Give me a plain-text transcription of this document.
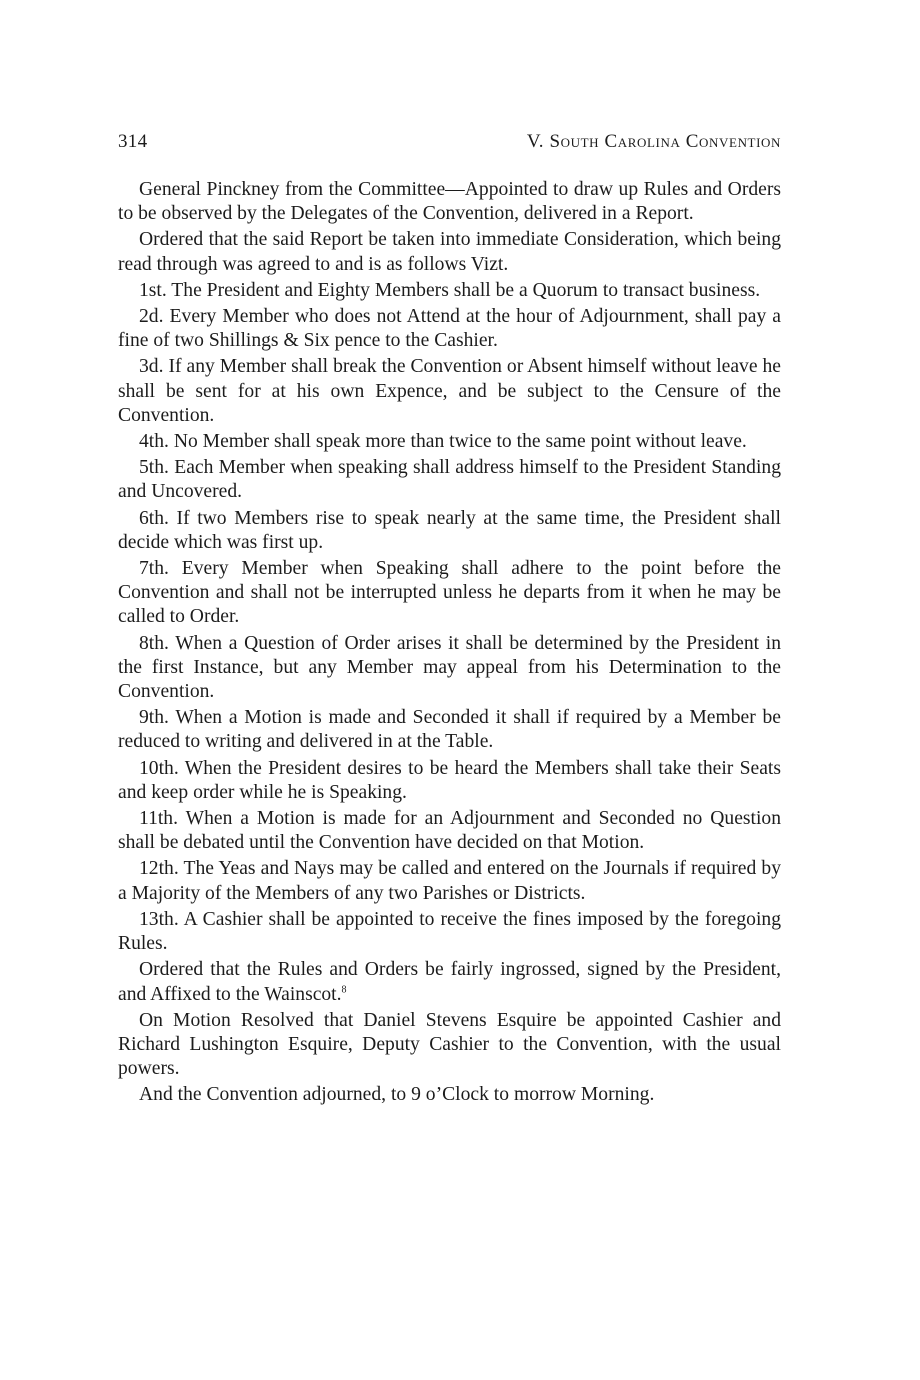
314	V. South Carolina Convention

General Pinckney from the Committee—Appointed to draw up Rules and Orders to be observed by the Delegates of the Convention, delivered in a Report.

Ordered that the said Report be taken into immediate Consideration, which being read through was agreed to and is as follows Vizt.

1st. The President and Eighty Members shall be a Quorum to transact business.

2d. Every Member who does not Attend at the hour of Adjournment, shall pay a fine of two Shillings & Six pence to the Cashier.

3d. If any Member shall break the Convention or Absent himself without leave he shall be sent for at his own Expence, and be subject to the Censure of the Convention.

4th. No Member shall speak more than twice to the same point without leave.

5th. Each Member when speaking shall address himself to the President Standing and Uncovered.

6th. If two Members rise to speak nearly at the same time, the President shall decide which was first up.

7th. Every Member when Speaking shall adhere to the point before the Convention and shall not be interrupted unless he departs from it when he may be called to Order.

8th. When a Question of Order arises it shall be determined by the President in the first Instance, but any Member may appeal from his Determination to the Convention.

9th. When a Motion is made and Seconded it shall if required by a Member be reduced to writing and delivered in at the Table.

10th. When the President desires to be heard the Members shall take their Seats and keep order while he is Speaking.

11th. When a Motion is made for an Adjournment and Seconded no Question shall be debated until the Convention have decided on that Motion.

12th. The Yeas and Nays may be called and entered on the Journals if required by a Majority of the Members of any two Parishes or Districts.

13th. A Cashier shall be appointed to receive the fines imposed by the foregoing Rules.

Ordered that the Rules and Orders be fairly ingrossed, signed by the President, and Affixed to the Wainscot.$^8$

On Motion Resolved that Daniel Stevens Esquire be appointed Cashier and Richard Lushington Esquire, Deputy Cashier to the Convention, with the usual powers.

And the Convention adjourned, to 9 o’Clock to morrow Morning.
